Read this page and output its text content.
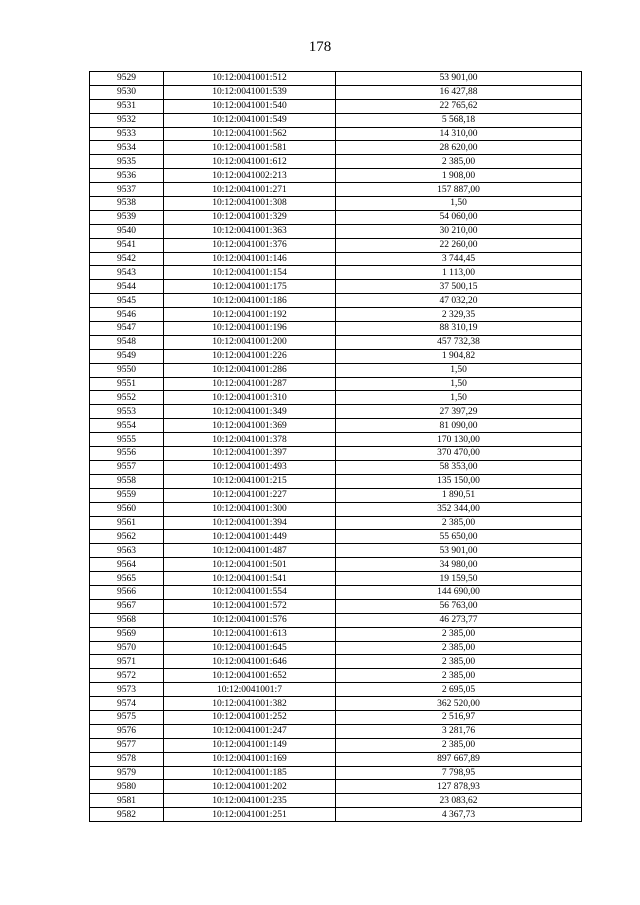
178
9529	10:12:0041001:512	53 901,00
9530	10:12:0041001:539	16 427,88
9531	10:12:0041001:540	22 765,62
9532	10:12:0041001:549	5 568,18
9533	10:12:0041001:562	14 310,00
9534	10:12:0041001:581	28 620,00
9535	10:12:0041001:612	2 385,00
9536	10:12:0041002:213	1 908,00
9537	10:12:0041001:271	157 887,00
9538	10:12:0041001:308	1,50
9539	10:12:0041001:329	54 060,00
9540	10:12:0041001:363	30 210,00
9541	10:12:0041001:376	22 260,00
9542	10:12:0041001:146	3 744,45
9543	10:12:0041001:154	1 113,00
9544	10:12:0041001:175	37 500,15
9545	10:12:0041001:186	47 032,20
9546	10:12:0041001:192	2 329,35
9547	10:12:0041001:196	88 310,19
9548	10:12:0041001:200	457 732,38
9549	10:12:0041001:226	1 904,82
9550	10:12:0041001:286	1,50
9551	10:12:0041001:287	1,50
9552	10:12:0041001:310	1,50
9553	10:12:0041001:349	27 397,29
9554	10:12:0041001:369	81 090,00
9555	10:12:0041001:378	170 130,00
9556	10:12:0041001:397	370 470,00
9557	10:12:0041001:493	58 353,00
9558	10:12:0041001:215	135 150,00
9559	10:12:0041001:227	1 890,51
9560	10:12:0041001:300	352 344,00
9561	10:12:0041001:394	2 385,00
9562	10:12:0041001:449	55 650,00
9563	10:12:0041001:487	53 901,00
9564	10:12:0041001:501	34 980,00
9565	10:12:0041001:541	19 159,50
9566	10:12:0041001:554	144 690,00
9567	10:12:0041001:572	56 763,00
9568	10:12:0041001:576	46 273,77
9569	10:12:0041001:613	2 385,00
9570	10:12:0041001:645	2 385,00
9571	10:12:0041001:646	2 385,00
9572	10:12:0041001:652	2 385,00
9573	10:12:0041001:7	2 695,05
9574	10:12:0041001:382	362 520,00
9575	10:12:0041001:252	2 516,97
9576	10:12:0041001:247	3 281,76
9577	10:12:0041001:149	2 385,00
9578	10:12:0041001:169	897 667,89
9579	10:12:0041001:185	7 798,95
9580	10:12:0041001:202	127 878,93
9581	10:12:0041001:235	23 083,62
9582	10:12:0041001:251	4 367,73
